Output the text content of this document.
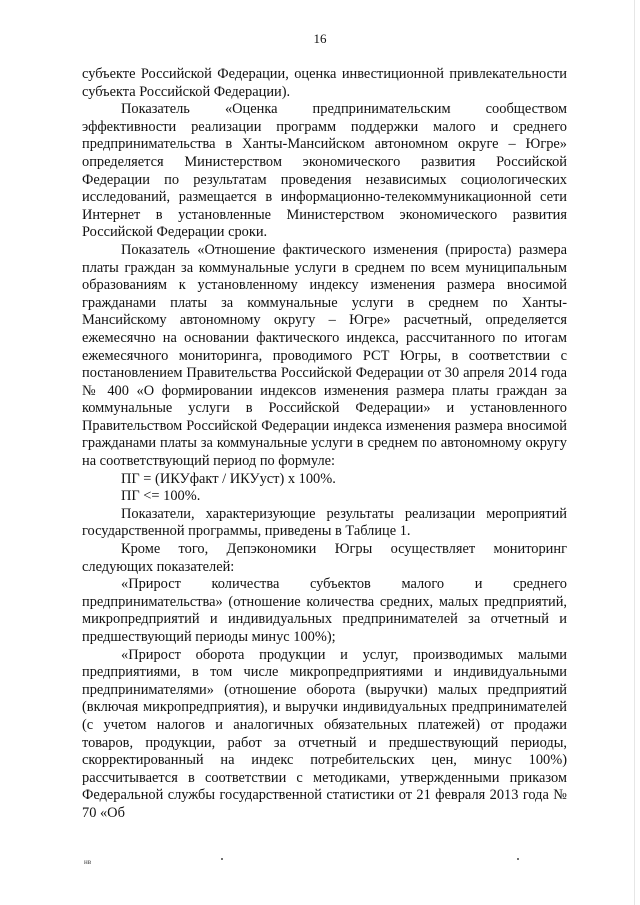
16

субъекте Российской Федерации, оценка инвестиционной привлекательности субъекта Российской Федерации).

Показатель «Оценка предпринимательским сообществом эффективности реализации программ поддержки малого и среднего предпринимательства в Ханты-Мансийском автономном округе – Югре» определяется Министерством экономического развития Российской Федерации по результатам проведения независимых социологических исследований, размещается в информационно-телекоммуникационной сети Интернет в установленные Министерством экономического развития Российской Федерации сроки.

Показатель «Отношение фактического изменения (прироста) размера платы граждан за коммунальные услуги в среднем по всем муниципальным образованиям к установленному индексу изменения размера вносимой гражданами платы за коммунальные услуги в среднем по Ханты-Мансийскому автономному округу – Югре» расчетный, определяется ежемесячно на основании фактического индекса, рассчитанного по итогам ежемесячного мониторинга, проводимого РСТ Югры, в соответствии с постановлением Правительства Российской Федерации от 30 апреля 2014 года № 400 «О формировании индексов изменения размера платы граждан за коммунальные услуги в Российской Федерации» и установленного Правительством Российской Федерации индекса изменения размера вносимой гражданами платы за коммунальные услуги в среднем по автономному округу на соответствующий период по формуле:

ПГ = (ИКУфакт / ИКУуст) x 100%.

ПГ <= 100%.

Показатели, характеризующие результаты реализации мероприятий государственной программы, приведены в Таблице 1.

Кроме того, Депэкономики Югры осуществляет мониторинг следующих показателей:

«Прирост количества субъектов малого и среднего предпринимательства» (отношение количества средних, малых предприятий, микропредприятий и индивидуальных предпринимателей за отчетный и предшествующий периоды минус 100%);

«Прирост оборота продукции и услуг, производимых малыми предприятиями, в том числе микропредприятиями и индивидуальными предпринимателями» (отношение оборота (выручки) малых предприятий (включая микропредприятия), и выручки индивидуальных предпринимателей (с учетом налогов и аналогичных обязательных платежей) от продажи товаров, продукции, работ за отчетный и предшествующий периоды, скорректированный на индекс потребительских цен, минус 100%) рассчитывается в соответствии с методиками, утвержденными приказом Федеральной службы государственной статистики от 21 февраля 2013 года № 70 «Об

нв
